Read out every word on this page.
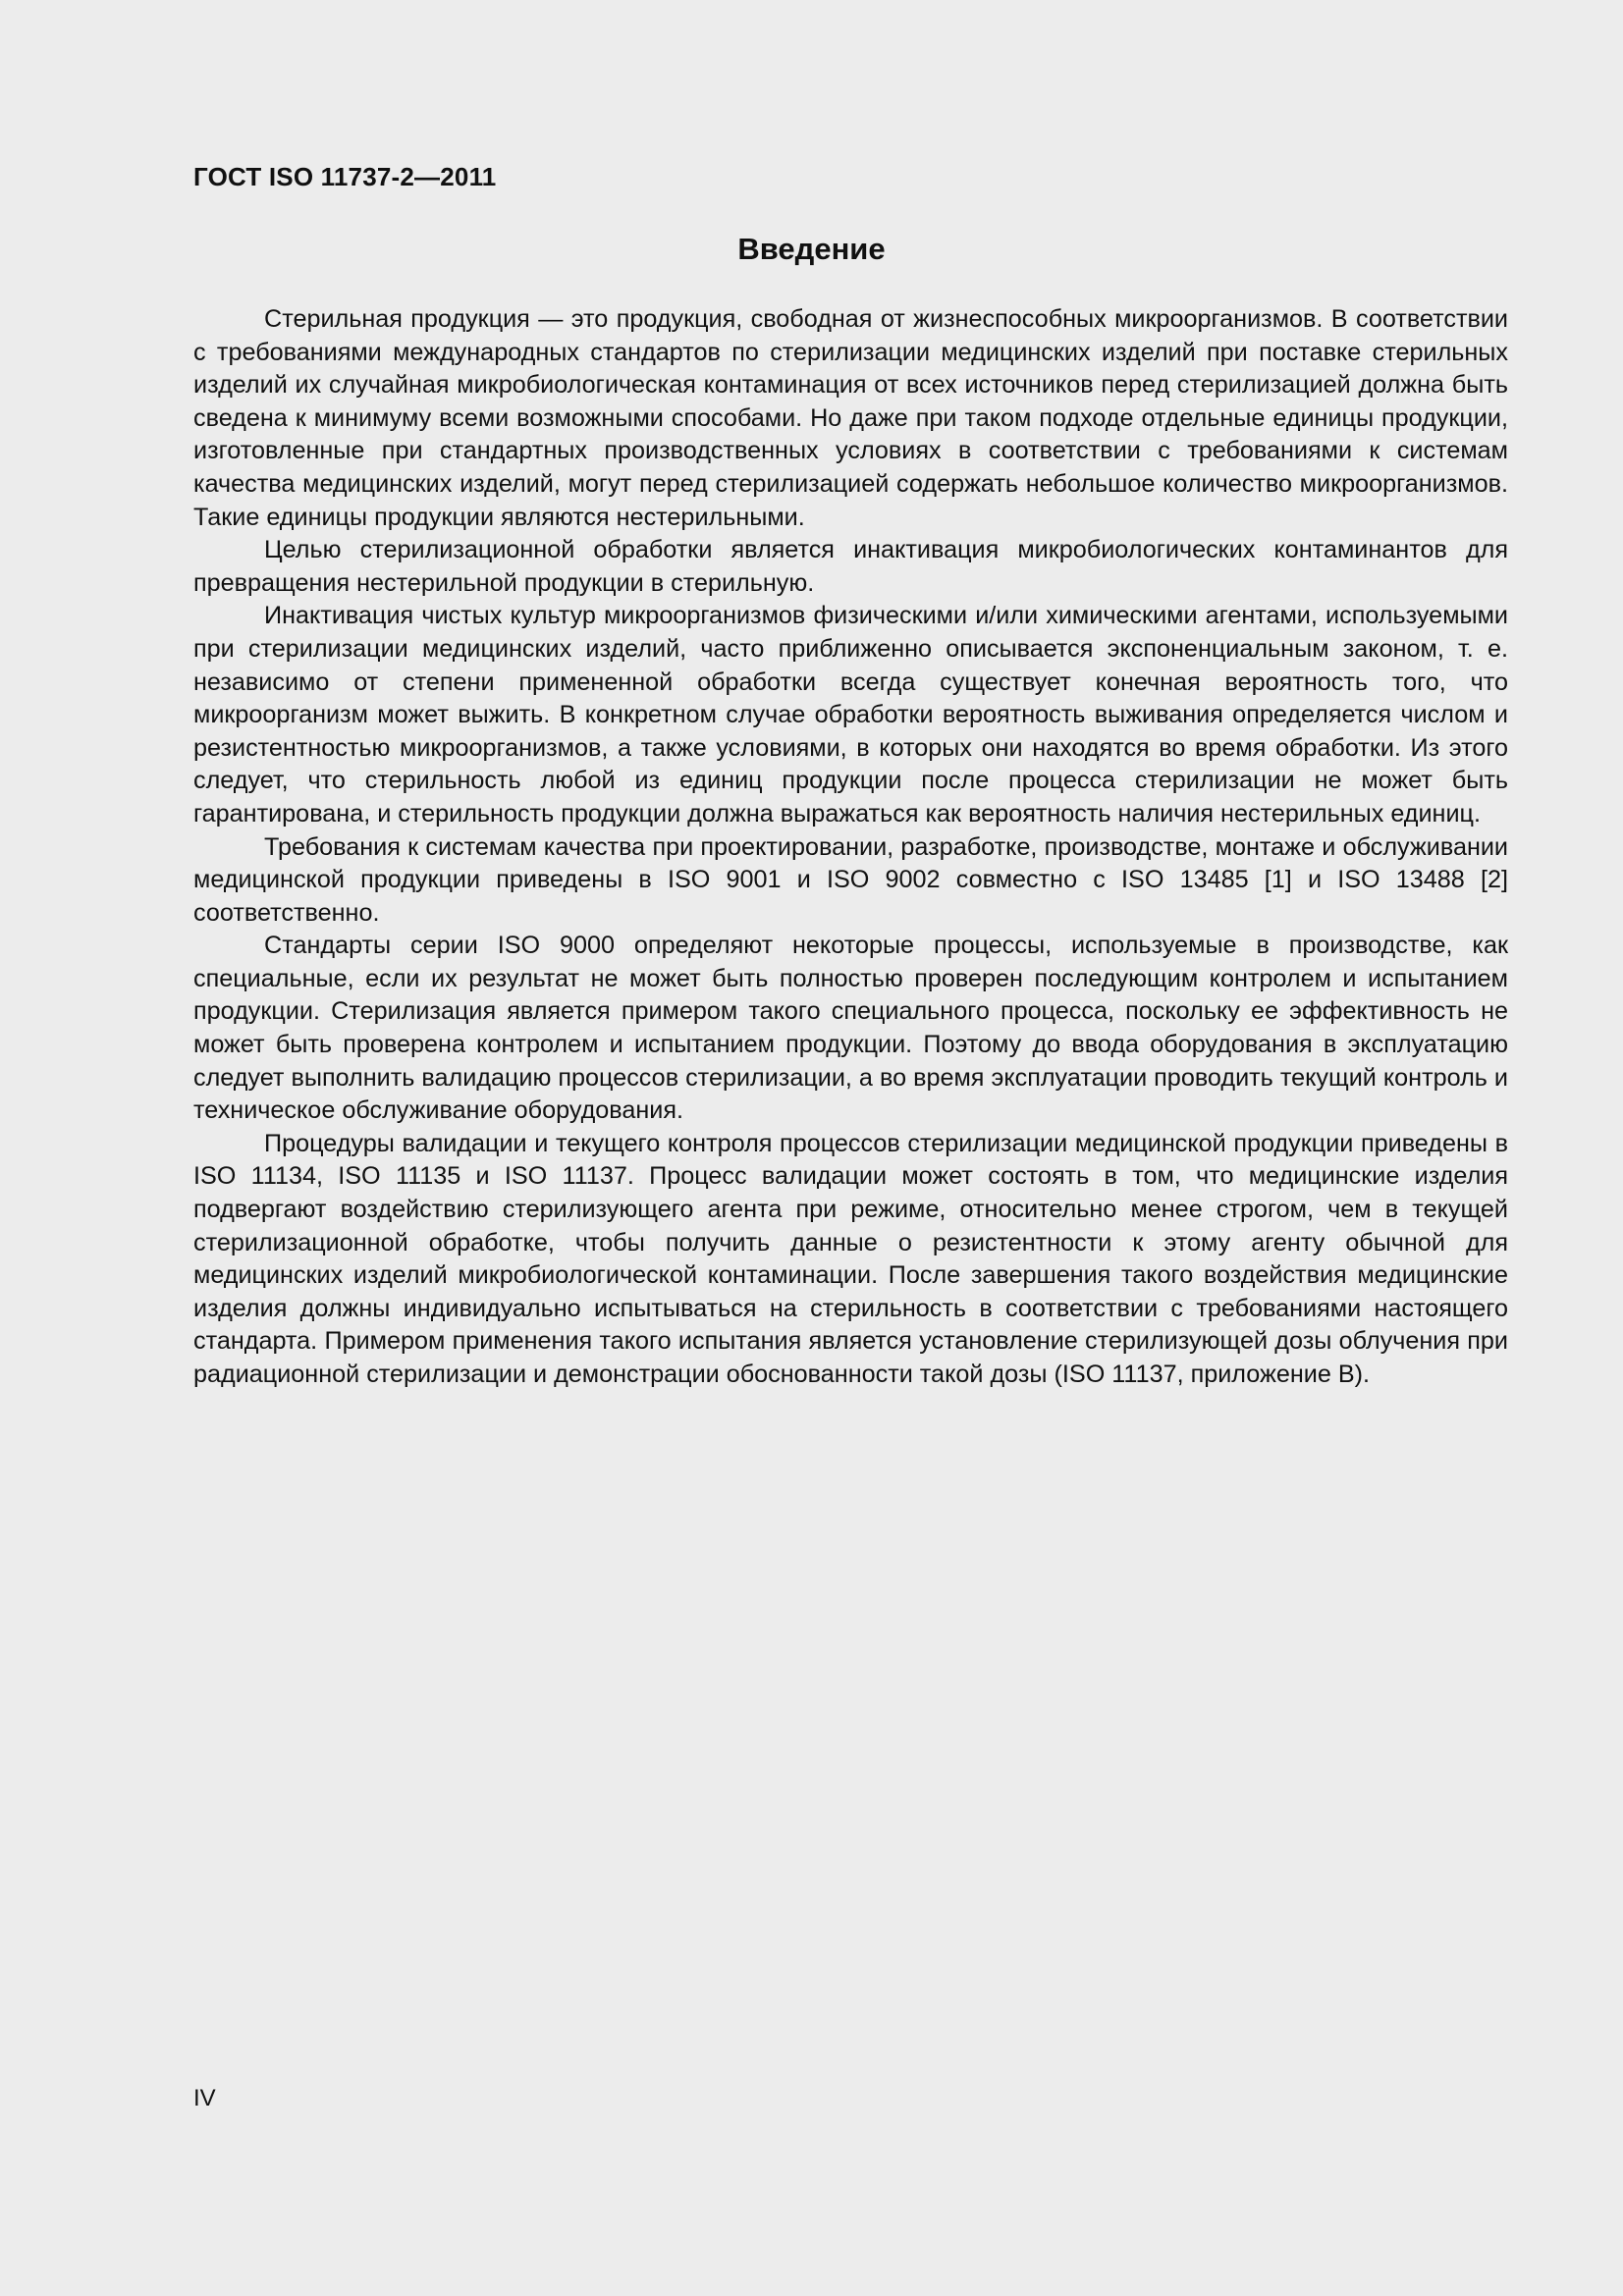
ГОСТ ISO 11737-2—2011
Введение

Стерильная продукция — это продукция, свободная от жизнеспособных микроорганизмов. В соответствии с требованиями международных стандартов по стерилизации медицинских изделий при поставке стерильных изделий их случайная микробиологическая контаминация от всех источников перед стерилизацией должна быть сведена к минимуму всеми возможными способами. Но даже при таком подходе отдельные единицы продукции, изготовленные при стандартных производственных условиях в соответствии с требованиями к системам качества медицинских изделий, могут перед стерилизацией содержать небольшое количество микроорганизмов. Такие единицы продукции являются нестерильными.

Целью стерилизационной обработки является инактивация микробиологических контаминантов для превращения нестерильной продукции в стерильную.

Инактивация чистых культур микроорганизмов физическими и/или химическими агентами, используемыми при стерилизации медицинских изделий, часто приближенно описывается экспоненциальным законом, т. е. независимо от степени примененной обработки всегда существует конечная вероятность того, что микроорганизм может выжить. В конкретном случае обработки вероятность выживания определяется числом и резистентностью микроорганизмов, а также условиями, в которых они находятся во время обработки. Из этого следует, что стерильность любой из единиц продукции после процесса стерилизации не может быть гарантирована, и стерильность продукции должна выражаться как вероятность наличия нестерильных единиц.

Требования к системам качества при проектировании, разработке, производстве, монтаже и обслуживании медицинской продукции приведены в ISO 9001 и ISO 9002 совместно с ISO 13485 [1] и ISO 13488 [2] соответственно.

Стандарты серии ISO 9000 определяют некоторые процессы, используемые в производстве, как специальные, если их результат не может быть полностью проверен последующим контролем и испытанием продукции. Стерилизация является примером такого специального процесса, поскольку ее эффективность не может быть проверена контролем и испытанием продукции. Поэтому до ввода оборудования в эксплуатацию следует выполнить валидацию процессов стерилизации, а во время эксплуатации проводить текущий контроль и техническое обслуживание оборудования.

Процедуры валидации и текущего контроля процессов стерилизации медицинской продукции приведены в ISO 11134, ISO 11135 и ISO 11137. Процесс валидации может состоять в том, что медицинские изделия подвергают воздействию стерилизующего агента при режиме, относительно менее строгом, чем в текущей стерилизационной обработке, чтобы получить данные о резистентности к этому агенту обычной для медицинских изделий микробиологической контаминации. После завершения такого воздействия медицинские изделия должны индивидуально испытываться на стерильность в соответствии с требованиями настоящего стандарта. Примером применения такого испытания является установление стерилизующей дозы облучения при радиационной стерилизации и демонстрации обоснованности такой дозы (ISO 11137, приложение В).

IV
